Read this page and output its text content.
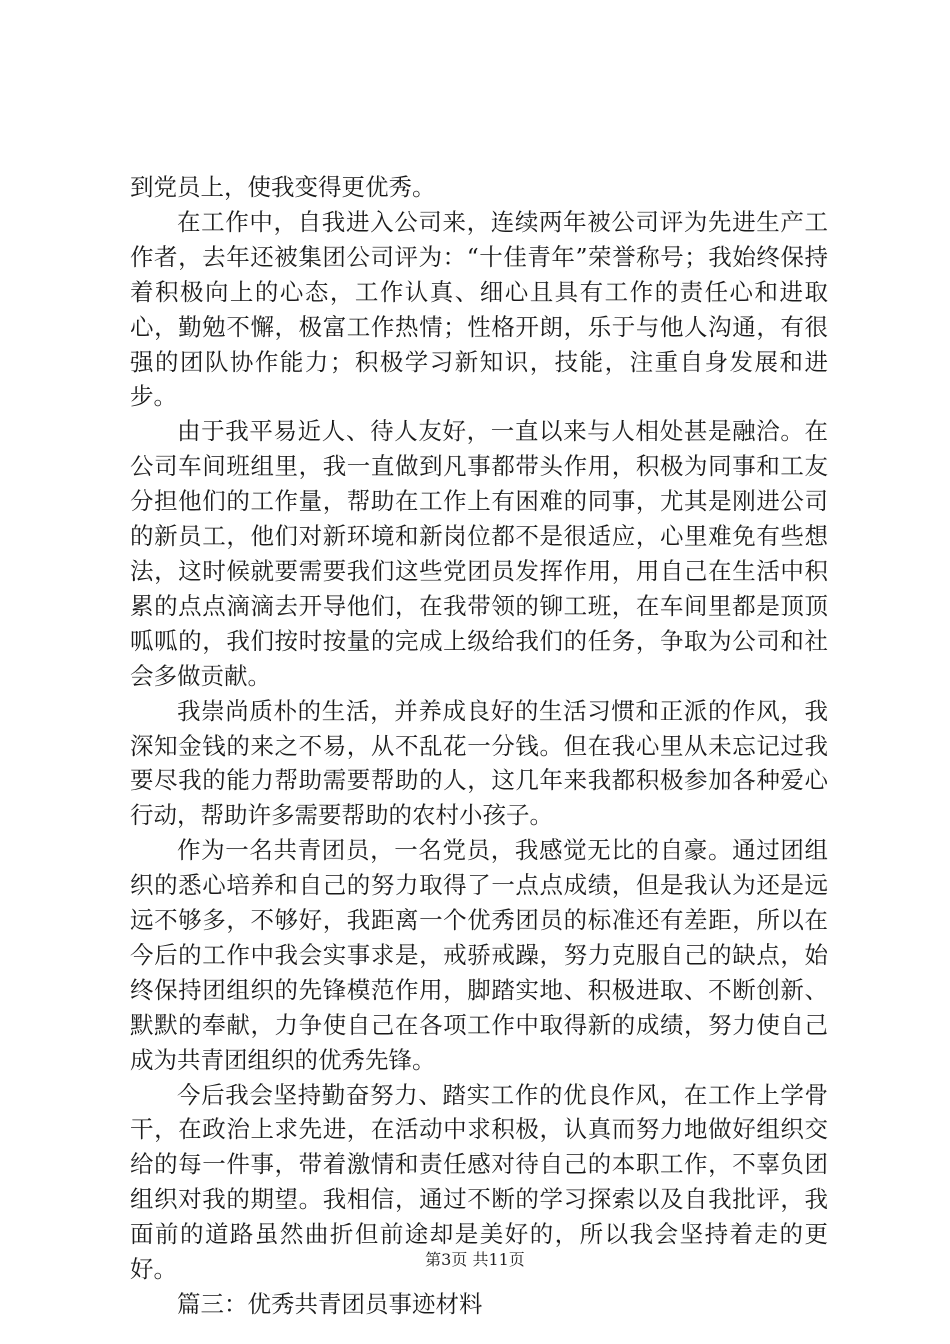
到党员上，使我变得更优秀。

在工作中，自我进入公司来，连续两年被公司评为先进生产工作者，去年还被集团公司评为：“十佳青年”荣誉称号；我始终保持着积极向上的心态，工作认真、细心且具有工作的责任心和进取心，勤勉不懈，极富工作热情；性格开朗，乐于与他人沟通，有很强的团队协作能力；积极学习新知识，技能，注重自身发展和进步。

由于我平易近人、待人友好，一直以来与人相处甚是融洽。在公司车间班组里，我一直做到凡事都带头作用，积极为同事和工友分担他们的工作量，帮助在工作上有困难的同事，尤其是刚进公司的新员工，他们对新环境和新岗位都不是很适应，心里难免有些想法，这时候就要需要我们这些党团员发挥作用，用自己在生活中积累的点点滴滴去开导他们，在我带领的铆工班，在车间里都是顶顶呱呱的，我们按时按量的完成上级给我们的任务，争取为公司和社会多做贡献。

我崇尚质朴的生活，并养成良好的生活习惯和正派的作风，我深知金钱的来之不易，从不乱花一分钱。但在我心里从未忘记过我要尽我的能力帮助需要帮助的人，这几年来我都积极参加各种爱心行动，帮助许多需要帮助的农村小孩子。

作为一名共青团员，一名党员，我感觉无比的自豪。通过团组织的悉心培养和自己的努力取得了一点点成绩，但是我认为还是远远不够多，不够好，我距离一个优秀团员的标准还有差距，所以在今后的工作中我会实事求是，戒骄戒躁，努力克服自己的缺点，始终保持团组织的先锋模范作用，脚踏实地、积极进取、不断创新、默默的奉献，力争使自己在各项工作中取得新的成绩，努力使自己成为共青团组织的优秀先锋。

今后我会坚持勤奋努力、踏实工作的优良作风，在工作上学骨干，在政治上求先进，在活动中求积极，认真而努力地做好组织交给的每一件事，带着激情和责任感对待自己的本职工作，不辜负团组织对我的期望。我相信，通过不断的学习探索以及自我批评，我面前的道路虽然曲折但前途却是美好的，所以我会坚持着走的更好。

篇三：优秀共青团员事迹材料

第3页 共11页
